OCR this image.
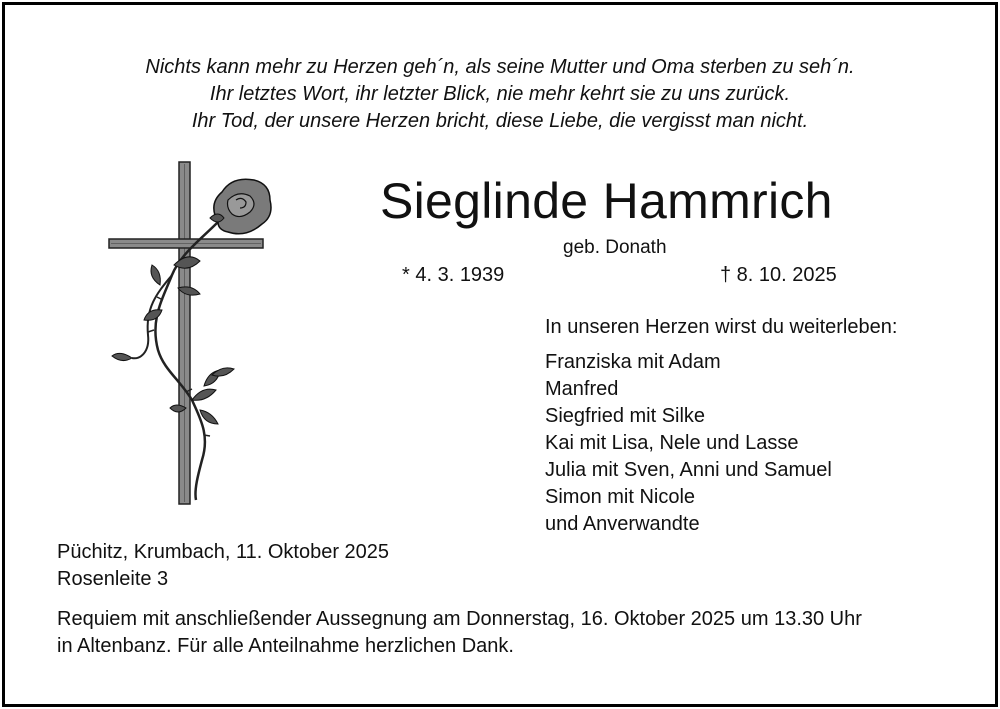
Nichts kann mehr zu Herzen geh´n, als seine Mutter und Oma sterben zu seh´n.
Ihr letztes Wort, ihr letzter Blick, nie mehr kehrt sie zu uns zurück.
Ihr Tod, der unsere Herzen bricht, diese Liebe, die vergisst man nicht.
Sieglinde Hammrich
geb. Donath
* 4. 3. 1939	† 8. 10. 2025
In unseren Herzen wirst du weiterleben:
Franziska mit Adam
Manfred
Siegfried mit Silke
Kai mit Lisa, Nele und Lasse
Julia mit Sven, Anni und Samuel
Simon mit Nicole
und Anverwandte
Püchitz, Krumbach, 11. Oktober 2025
Rosenleite 3
Requiem mit anschließender Aussegnung am Donnerstag, 16. Oktober 2025 um 13.30 Uhr
in Altenbanz. Für alle Anteilnahme herzlichen Dank.
